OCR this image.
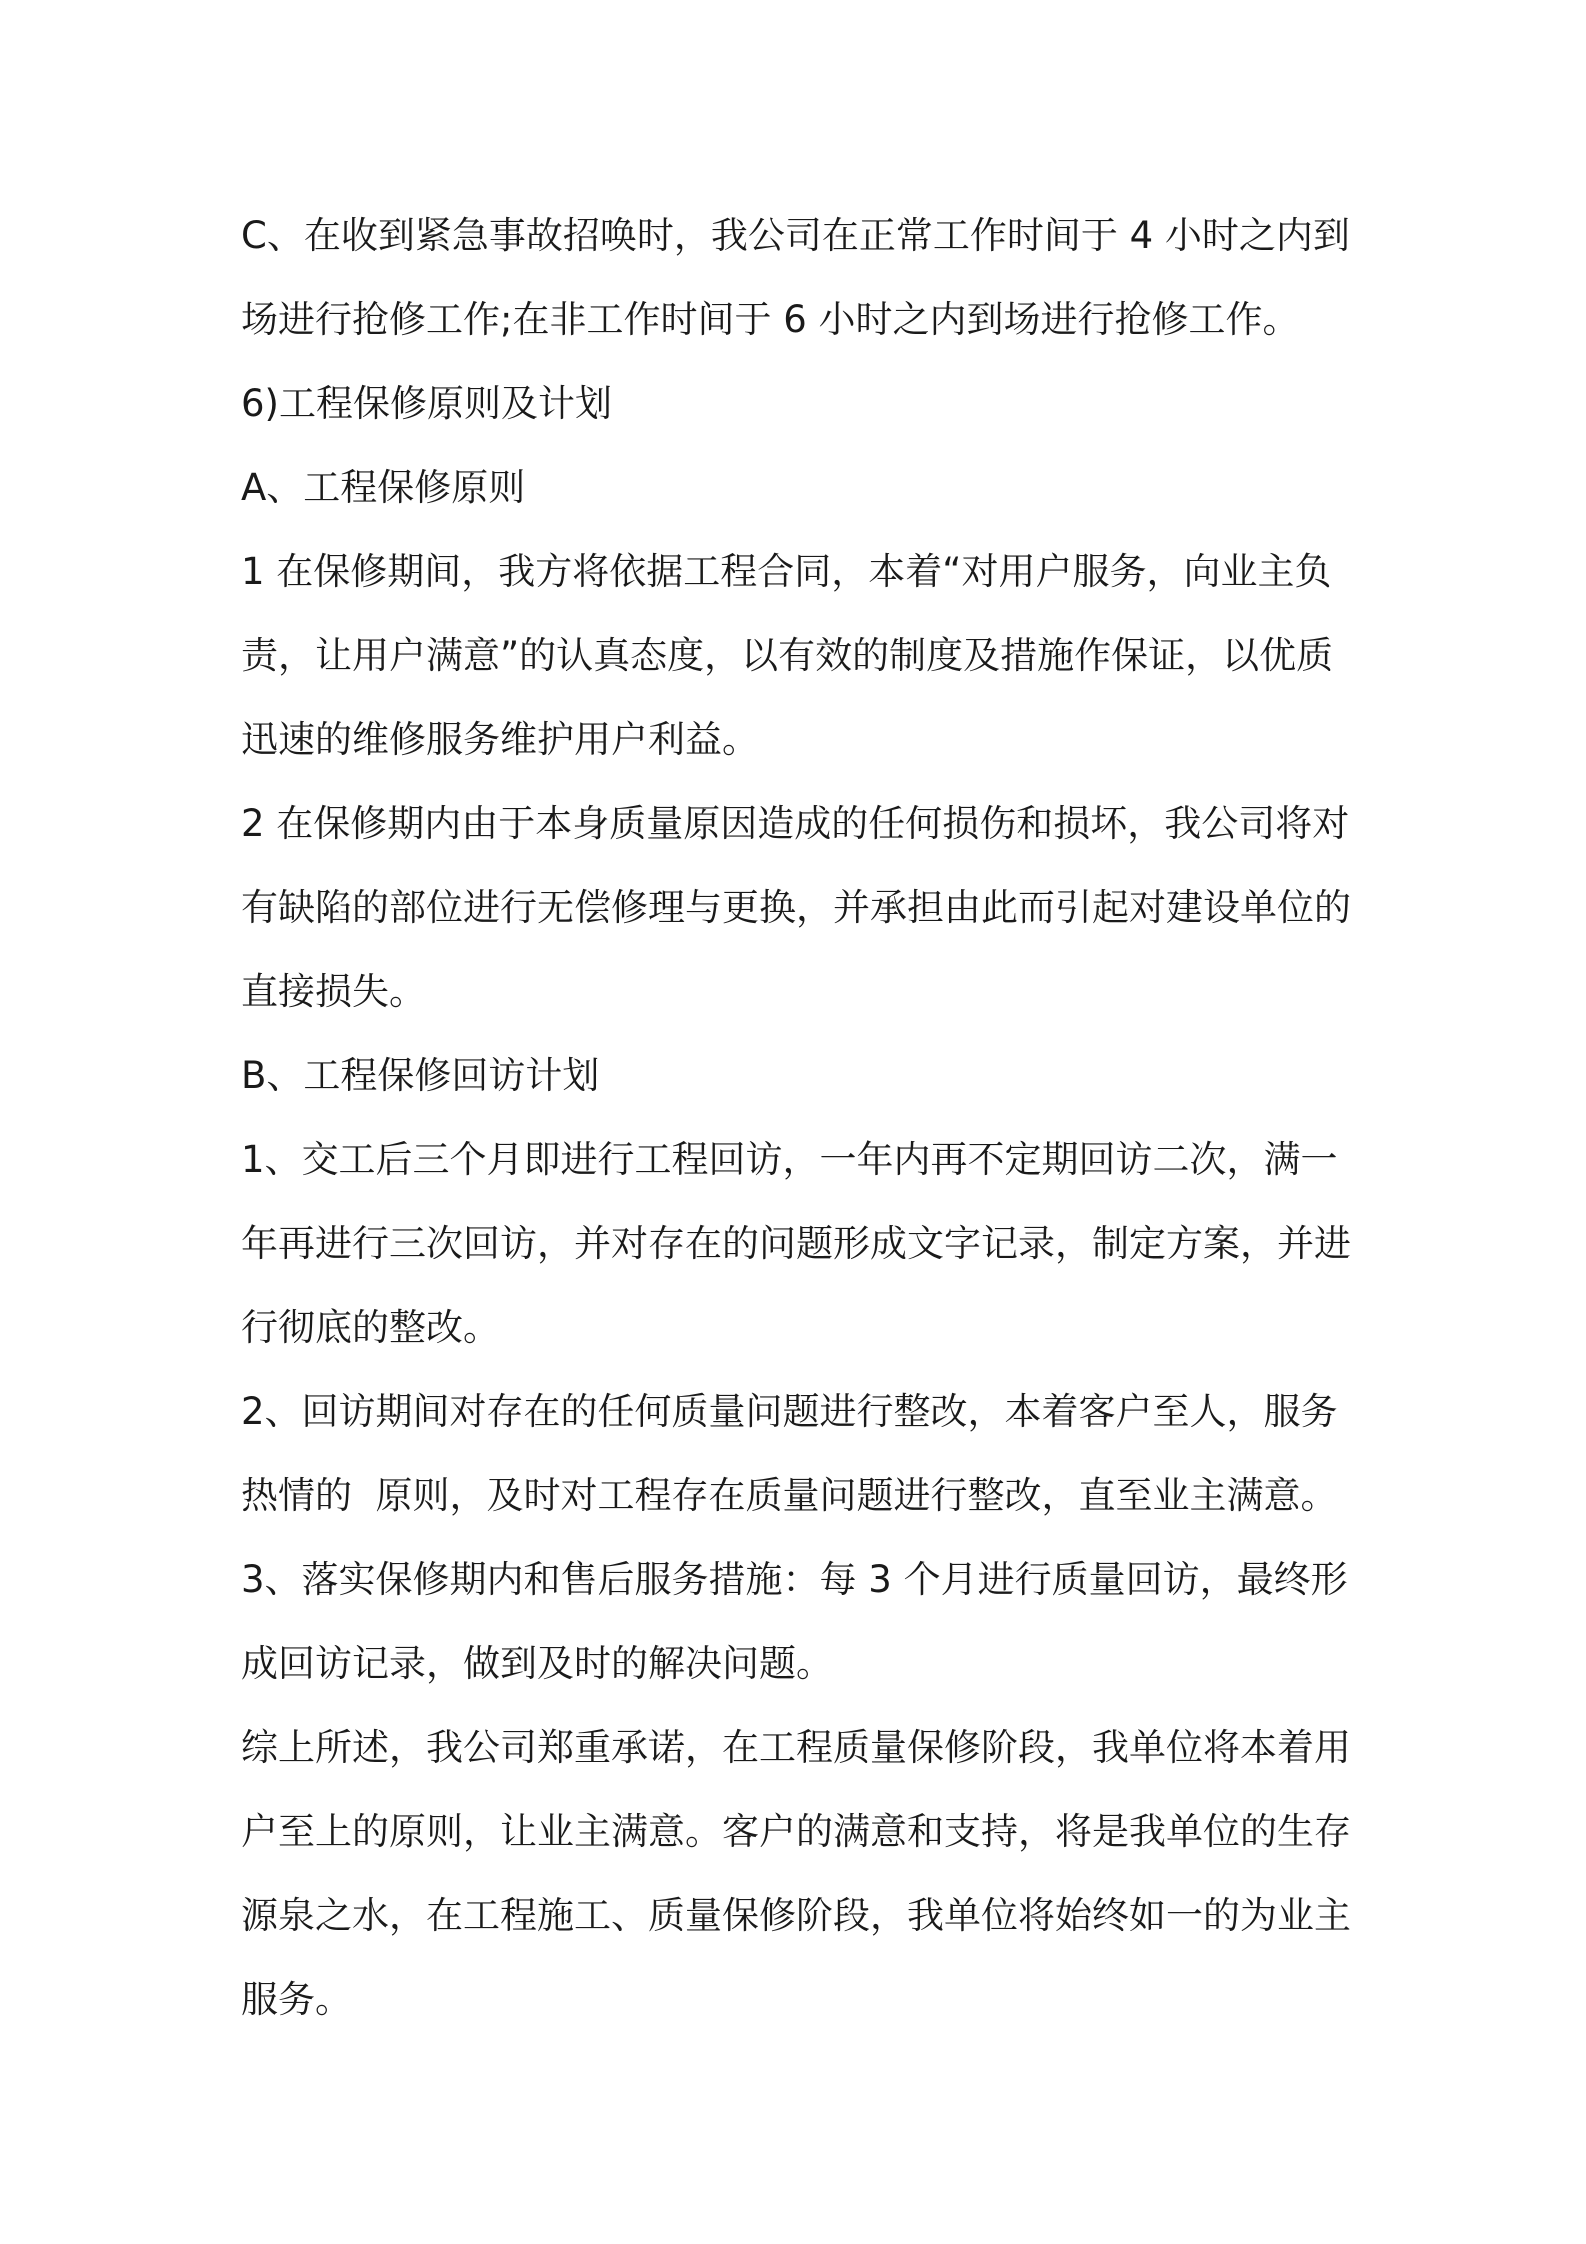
C、在收到紧急事故招唤时，我公司在正常工作时间于 4 小时之内到场进行抢修工作;在非工作时间于 6 小时之内到场进行抢修工作。

6)工程保修原则及计划

A、工程保修原则

1 在保修期间，我方将依据工程合同，本着“对用户服务，向业主负责，让用户满意”的认真态度，以有效的制度及措施作保证，以优质迅速的维修服务维护用户利益。

2 在保修期内由于本身质量原因造成的任何损伤和损坏，我公司将对有缺陷的部位进行无偿修理与更换，并承担由此而引起对建设单位的直接损失。

B、工程保修回访计划

1、交工后三个月即进行工程回访，一年内再不定期回访二次，满一年再进行三次回访，并对存在的问题形成文字记录，制定方案，并进行彻底的整改。

2、回访期间对存在的任何质量问题进行整改，本着客户至人，服务热情的  原则，及时对工程存在质量问题进行整改，直至业主满意。

3、落实保修期内和售后服务措施：每 3 个月进行质量回访，最终形成回访记录，做到及时的解决问题。

综上所述，我公司郑重承诺，在工程质量保修阶段，我单位将本着用户至上的原则，让业主满意。客户的满意和支持，将是我单位的生存源泉之水，在工程施工、质量保修阶段，我单位将始终如一的为业主服务。
